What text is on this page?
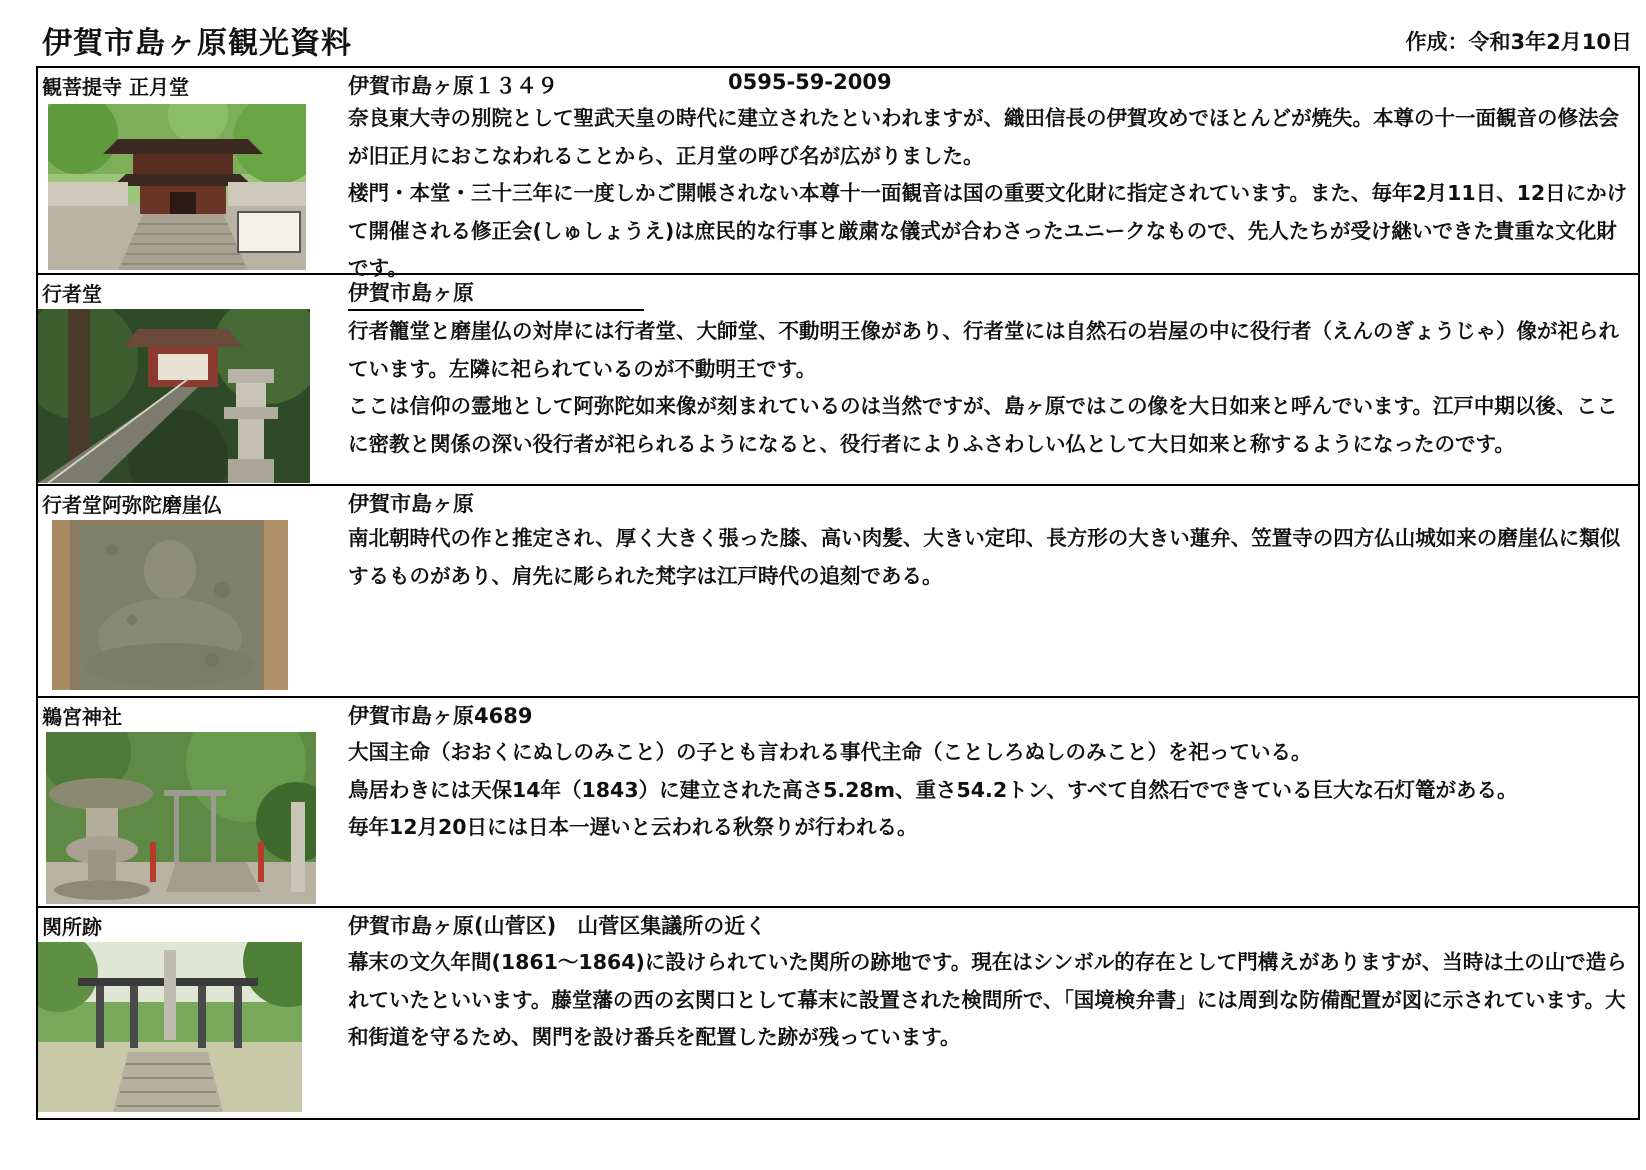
伊賀市島ヶ原観光資料	作成：令和3年2月10日
観菩提寺 正月堂	伊賀市島ヶ原１３４９	0595-59-2009

奈良東大寺の別院として聖武天皇の時代に建立されたといわれますが、織田信長の伊賀攻めでほとんどが焼失。本尊の十一面観音の修法会が旧正月におこなわれることから、正月堂の呼び名が広がりました。

楼門・本堂・三十三年に一度しかご開帳されない本尊十一面観音は国の重要文化財に指定されています。また、毎年2月11日、12日にかけて開催される修正会(しゅしょうえ)は庶民的な行事と厳粛な儀式が合わさったユニークなもので、先人たちが受け継いできた貴重な文化財です。

行者堂	伊賀市島ヶ原

行者籠堂と磨崖仏の対岸には行者堂、大師堂、不動明王像があり、行者堂には自然石の岩屋の中に役行者（えんのぎょうじゃ）像が祀られています。左隣に祀られているのが不動明王です。

ここは信仰の霊地として阿弥陀如来像が刻まれているのは当然ですが、島ヶ原ではこの像を大日如来と呼んでいます。江戸中期以後、ここに密教と関係の深い役行者が祀られるようになると、役行者によりふさわしい仏として大日如来と称するようになったのです。

行者堂阿弥陀磨崖仏	伊賀市島ヶ原

南北朝時代の作と推定され、厚く大きく張った膝、高い肉髪、大きい定印、長方形の大きい蓮弁、笠置寺の四方仏山城如来の磨崖仏に類似するものがあり、肩先に彫られた梵字は江戸時代の追刻である。

鵜宮神社	伊賀市島ヶ原4689

大国主命（おおくにぬしのみこと）の子とも言われる事代主命（ことしろぬしのみこと）を祀っている。

鳥居わきには天保14年（1843）に建立された高さ5.28m、重さ54.2トン、すべて自然石でできている巨大な石灯篭がある。

毎年12月20日には日本一遅いと云われる秋祭りが行われる。

関所跡	伊賀市島ヶ原(山菅区)　山菅区集議所の近く

幕末の文久年間(1861～1864)に設けられていた関所の跡地です。現在はシンボル的存在として門構えがありますが、当時は土の山で造られていたといいます。藤堂藩の西の玄関口として幕末に設置された検問所で、「国境検弁書」には周到な防備配置が図に示されています。大和街道を守るため、関門を設け番兵を配置した跡が残っています。
